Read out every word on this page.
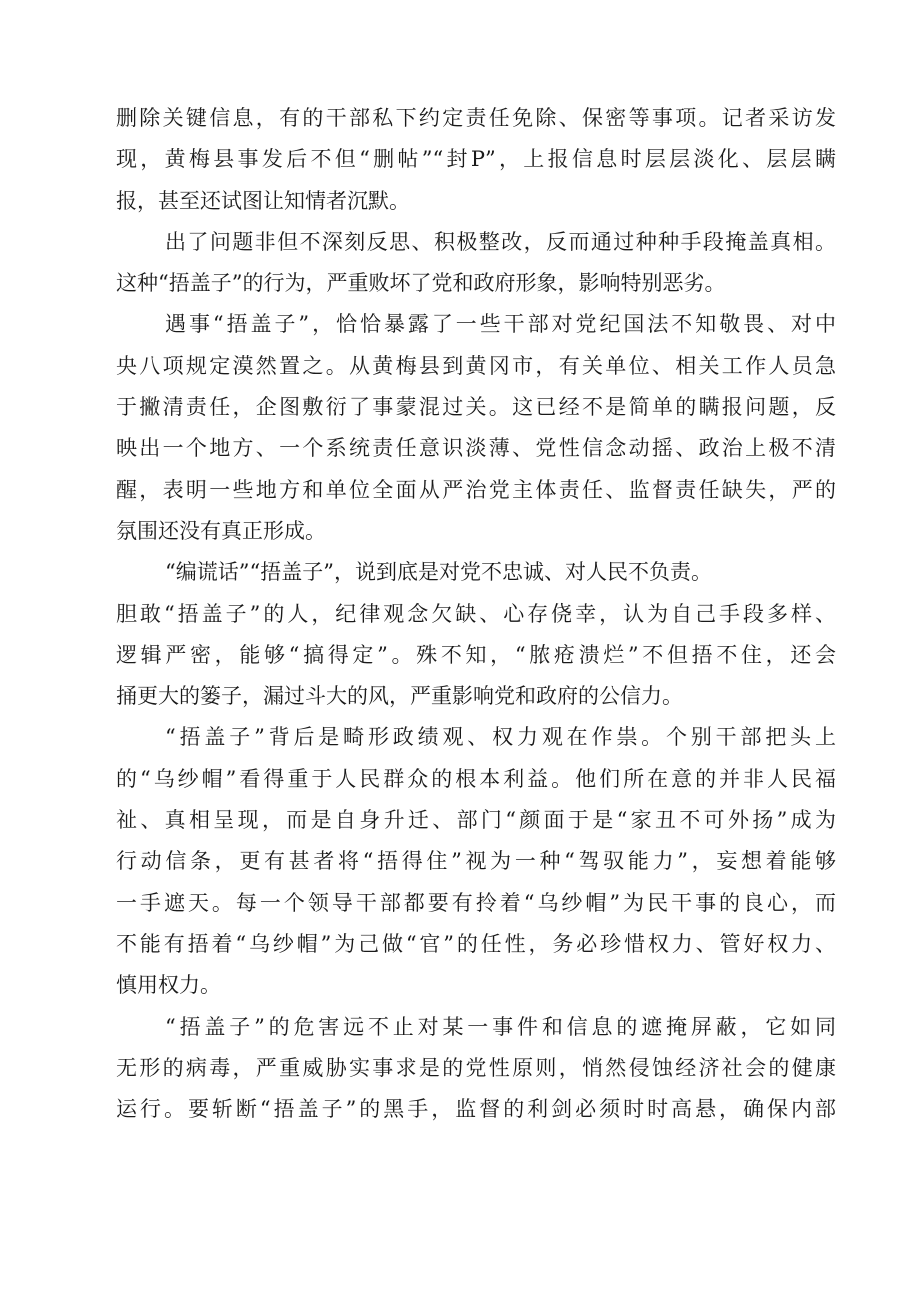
删除关键信息，有的干部私下约定责任免除、保密等事项。记者采访发
现，黄梅县事发后不但“删帖”“封P”，上报信息时层层淡化、层层瞒
报，甚至还试图让知情者沉默。
出了问题非但不深刻反思、积极整改，反而通过种种手段掩盖真相。
这种“捂盖子”的行为，严重败坏了党和政府形象，影响特别恶劣。
遇事“捂盖子”，恰恰暴露了一些干部对党纪国法不知敬畏、对中
央八项规定漠然置之。从黄梅县到黄冈市，有关单位、相关工作人员急
于撇清责任，企图敷衍了事蒙混过关。这已经不是简单的瞒报问题，反
映出一个地方、一个系统责任意识淡薄、党性信念动摇、政治上极不清
醒，表明一些地方和单位全面从严治党主体责任、监督责任缺失，严的
氛围还没有真正形成。
“编谎话”“捂盖子”，说到底是对党不忠诚、对人民不负责。
胆敢“捂盖子”的人，纪律观念欠缺、心存侥幸，认为自己手段多样、
逻辑严密，能够“搞得定”。殊不知，“脓疮溃烂”不但捂不住，还会
捅更大的篓子，漏过斗大的风，严重影响党和政府的公信力。
“捂盖子”背后是畸形政绩观、权力观在作祟。个别干部把头上
的“乌纱帽”看得重于人民群众的根本利益。他们所在意的并非人民福
祉、真相呈现，而是自身升迁、部门“颜面于是“家丑不可外扬”成为
行动信条，更有甚者将“捂得住”视为一种“驾驭能力”，妄想着能够
一手遮天。每一个领导干部都要有拎着“乌纱帽”为民干事的良心，而
不能有捂着“乌纱帽”为己做“官”的任性，务必珍惜权力、管好权力、
慎用权力。
“捂盖子”的危害远不止对某一事件和信息的遮掩屏蔽，它如同
无形的病毒，严重威胁实事求是的党性原则，悄然侵蚀经济社会的健康
运行。要斩断“捂盖子”的黑手，监督的利剑必须时时高悬，确保内部
